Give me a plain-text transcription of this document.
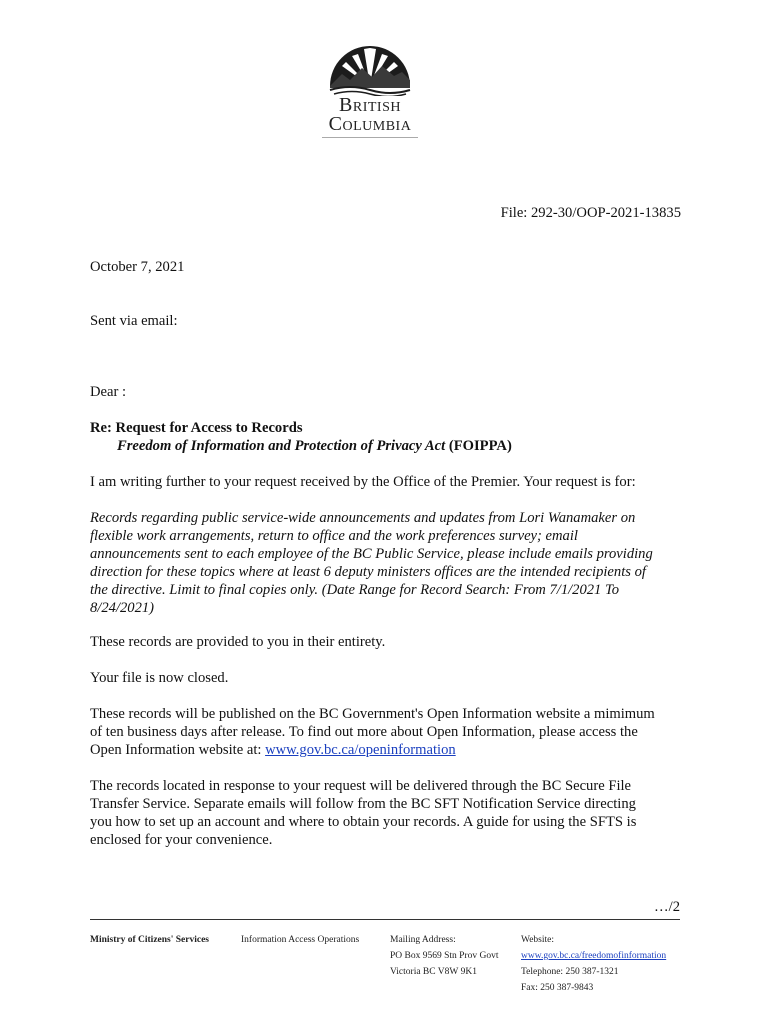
British
Columbia
File: 292-30/OOP-2021-13835
October 7, 2021
Sent via email:
Dear :
Re: Request for Access to Records
Freedom of Information and Protection of Privacy Act (FOIPPA)
I am writing further to your request received by the Office of the Premier. Your request is for:
Records regarding public service-wide announcements and updates from Lori Wanamaker on
flexible work arrangements, return to office and the work preferences survey; email
announcements sent to each employee of the BC Public Service, please include emails providing
direction for these topics where at least 6 deputy ministers offices are the intended recipients of
the directive. Limit to final copies only. (Date Range for Record Search: From 7/1/2021 To
8/24/2021)
These records are provided to you in their entirety.
Your file is now closed.
These records will be published on the BC Government's Open Information website a mimimum
of ten business days after release. To find out more about Open Information, please access the
Open Information website at: www.gov.bc.ca/openinformation
The records located in response to your request will be delivered through the BC Secure File
Transfer Service. Separate emails will follow from the BC SFT Notification Service directing
you how to set up an account and where to obtain your records. A guide for using the SFTS is
enclosed for your convenience.
…/2
Ministry of Citizens' Services	Information Access Operations	Mailing Address:
PO Box 9569 Stn Prov Govt
Victoria BC V8W 9K1
Website:
www.gov.bc.ca/freedomofinformation
Telephone: 250 387-1321
Fax: 250 387-9843
